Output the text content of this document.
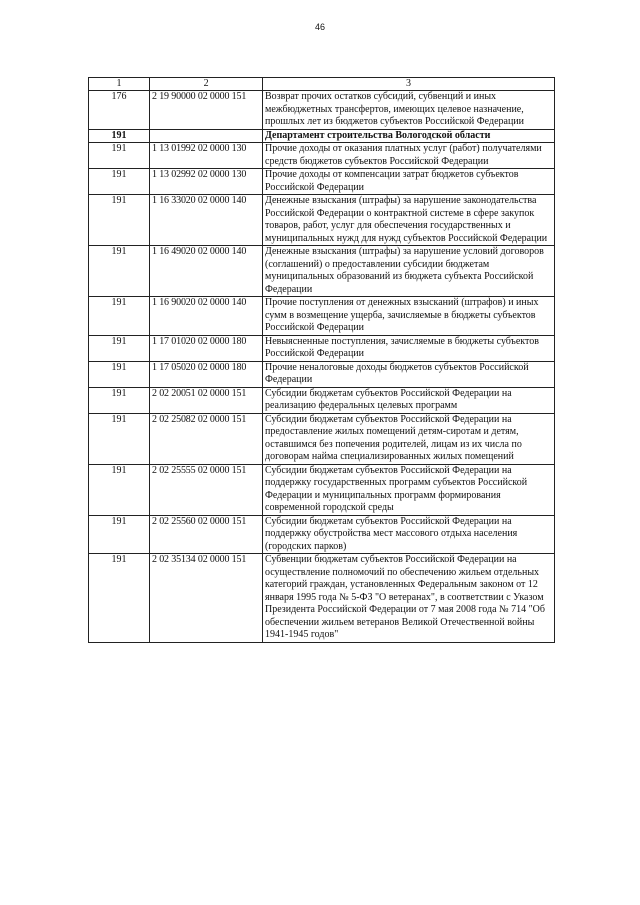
46
1	2	3
176	2 19 90000 02 0000 151	Возврат прочих остатков субсидий, субвенций и иных межбюджетных трансфертов, имеющих целевое назначение, прошлых лет из бюджетов субъектов Российской Федерации
191		Департамент строительства Вологодской области
191	1 13 01992 02 0000 130	Прочие доходы от оказания платных услуг (работ) получателями средств бюджетов субъектов Российской Федерации
191	1 13 02992 02 0000 130	Прочие доходы от компенсации затрат бюджетов субъектов Российской Федерации
191	1 16 33020 02 0000 140	Денежные взыскания (штрафы) за нарушение законодательства Российской Федерации о контрактной системе в сфере закупок товаров, работ, услуг для обеспечения государственных и муниципальных нужд для нужд субъектов Российской Федерации
191	1 16 49020 02 0000 140	Денежные взыскания (штрафы) за нарушение условий договоров (соглашений) о предоставлении субсидии бюджетам муниципальных образований из бюджета субъекта Российской Федерации
191	1 16 90020 02 0000 140	Прочие поступления от денежных взысканий (штрафов) и иных сумм в возмещение ущерба, зачисляемые в бюджеты субъектов Российской Федерации
191	1 17 01020 02 0000 180	Невыясненные поступления, зачисляемые в бюджеты субъектов Российской Федерации
191	1 17 05020 02 0000 180	Прочие неналоговые доходы бюджетов субъектов Российской Федерации
191	2 02 20051 02 0000 151	Субсидии бюджетам субъектов Российской Федерации на реализацию федеральных целевых программ
191	2 02 25082 02 0000 151	Субсидии бюджетам субъектов Российской Федерации на предоставление жилых помещений детям-сиротам и детям, оставшимся без попечения родителей, лицам из их числа по договорам найма специализированных жилых помещений
191	2 02 25555 02 0000 151	Субсидии бюджетам субъектов Российской Федерации на поддержку государственных программ субъектов Российской Федерации и муниципальных программ формирования современной городской среды
191	2 02 25560 02 0000 151	Субсидии бюджетам субъектов Российской Федерации на поддержку обустройства мест массового отдыха населения (городских парков)
191	2 02 35134 02 0000 151	Субвенции бюджетам субъектов Российской Федерации на осуществление полномочий по обеспечению жильем отдельных категорий граждан, установленных Федеральным законом от 12 января 1995 года № 5-ФЗ "О ветеранах", в соответствии с Указом Президента Российской Федерации от 7 мая 2008 года № 714 "Об обеспечении жильем ветеранов Великой Отечественной войны 1941-1945 годов"
